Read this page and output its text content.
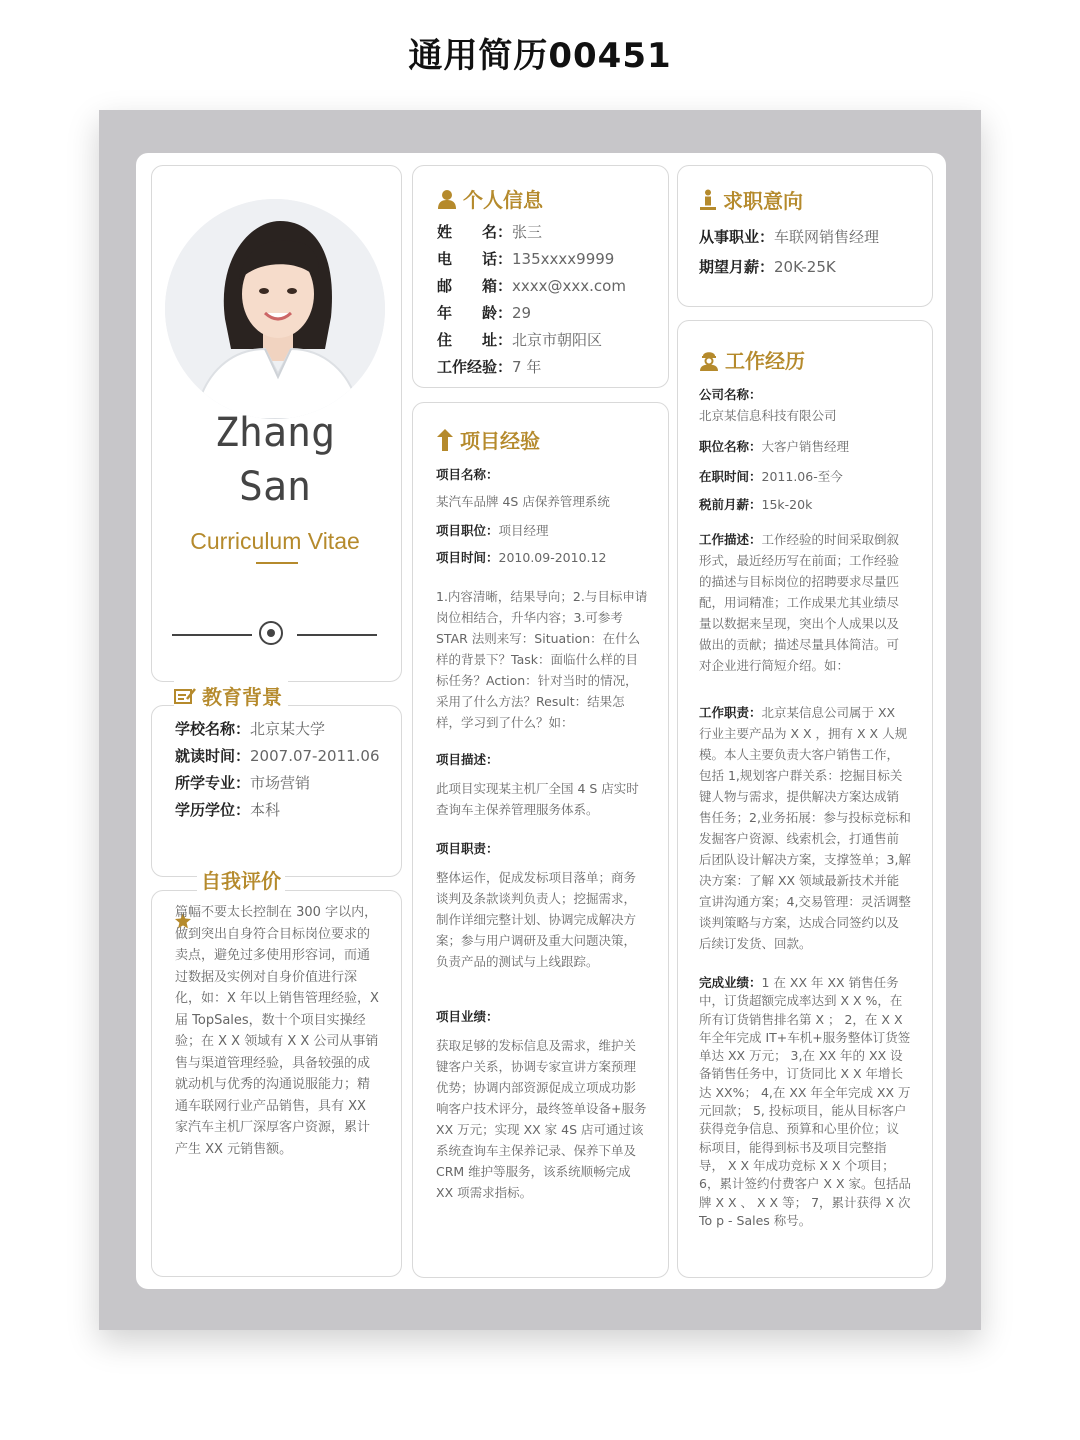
通用简历00451
Zhang
San
Curriculum Vitae
教育背景
学校名称：北京某大学
就读时间：2007.07-2011.06
所学专业：市场营销
学历学位：本科
自我评价

篇幅不要太长控制在 300 字以内，做到突出自身符合目标岗位要求的卖点，避免过多使用形容词，而通过数据及实例对自身价值进行深化，如：X 年以上销售管理经验，X 届 TopSales，数十个项目实操经验；在 X X 领域有 X X 公司从事销售与渠道管理经验，具备较强的成就动机与优秀的沟通说服能力；精通车联网行业产品销售，具有 XX 家汽车主机厂深厚客户资源，累计产生 XX 元销售额。

个人信息
姓　　名：张三
电　　话：135xxxx9999
邮　　箱：xxxx@xxx.com
年　　龄：29
住　　址：北京市朝阳区
工作经验：7 年
项目经验
项目名称：
某汽车品牌 4S 店保养管理系统
项目职位：项目经理
项目时间：2010.09-2010.12

1.内容清晰，结果导向；2.与目标申请岗位相结合，升华内容；3.可参考 STAR 法则来写：Situation：在什么样的背景下？Task：面临什么样的目标任务？Action：针对当时的情况，采用了什么方法？Result：结果怎样，学习到了什么？如：

项目描述：

此项目实现某主机厂全国 4 S 店实时查询车主保养管理服务体系。

项目职责：

整体运作，促成发标项目落单；商务谈判及条款谈判负责人；挖掘需求，制作详细完整计划、协调完成解决方案；参与用户调研及重大问题决策，负责产品的测试与上线跟踪。

项目业绩：

获取足够的发标信息及需求，维护关键客户关系，协调专家宣讲方案预理优势；协调内部资源促成立项成功影响客户技术评分，最终签单设备+服务 XX 万元；实现 XX 家 4S 店可通过该系统查询车主保养记录、保养下单及 CRM 维护等服务，该系统顺畅完成 XX 项需求指标。

求职意向
从事职业：车联网销售经理
期望月薪：20K-25K
工作经历
公司名称：
北京某信息科技有限公司
职位名称：大客户销售经理
在职时间：2011.06-至今
税前月薪：15k-20k

工作描述：工作经验的时间采取倒叙形式，最近经历写在前面；工作经验的描述与目标岗位的招聘要求尽量匹配，用词精准；工作成果尤其业绩尽量以数据来呈现，突出个人成果以及做出的贡献；描述尽量具体简洁。可对企业进行简短介绍。如：

工作职责：北京某信息公司属于 XX 行业主要产品为 X X ，拥有 X X 人规模。本人主要负责大客户销售工作，包括 1,规划客户群关系：挖掘目标关键人物与需求，提供解决方案达成销售任务；2,业务拓展：参与投标竞标和发掘客户资源、线索机会，打通售前后团队设计解决方案，支撑签单；3,解决方案：了解 XX 领域最新技术并能宣讲沟通方案；4,交易管理：灵活调整谈判策略与方案，达成合同签约以及后续订发货、回款。

完成业绩：1 在 XX 年 XX 销售任务中，订货超额完成率达到 X X %，在所有订货销售排名第 X ； 2，在 X X 年全年完成 IT+车机+服务整体订货签单达 XX 万元； 3,在 XX 年的 XX 设备销售任务中，订货同比 X X 年增长达 XX%； 4,在 XX 年全年完成 XX 万元回款； 5, 投标项目，能从目标客户获得竞争信息、预算和心里价位；议标项目，能得到标书及项目完整指导， X X 年成功竞标 X X 个项目； 6，累计签约付费客户 X X 家。包括品牌 X X 、 X X 等； 7，累计获得 X 次 To p - Sales 称号。
